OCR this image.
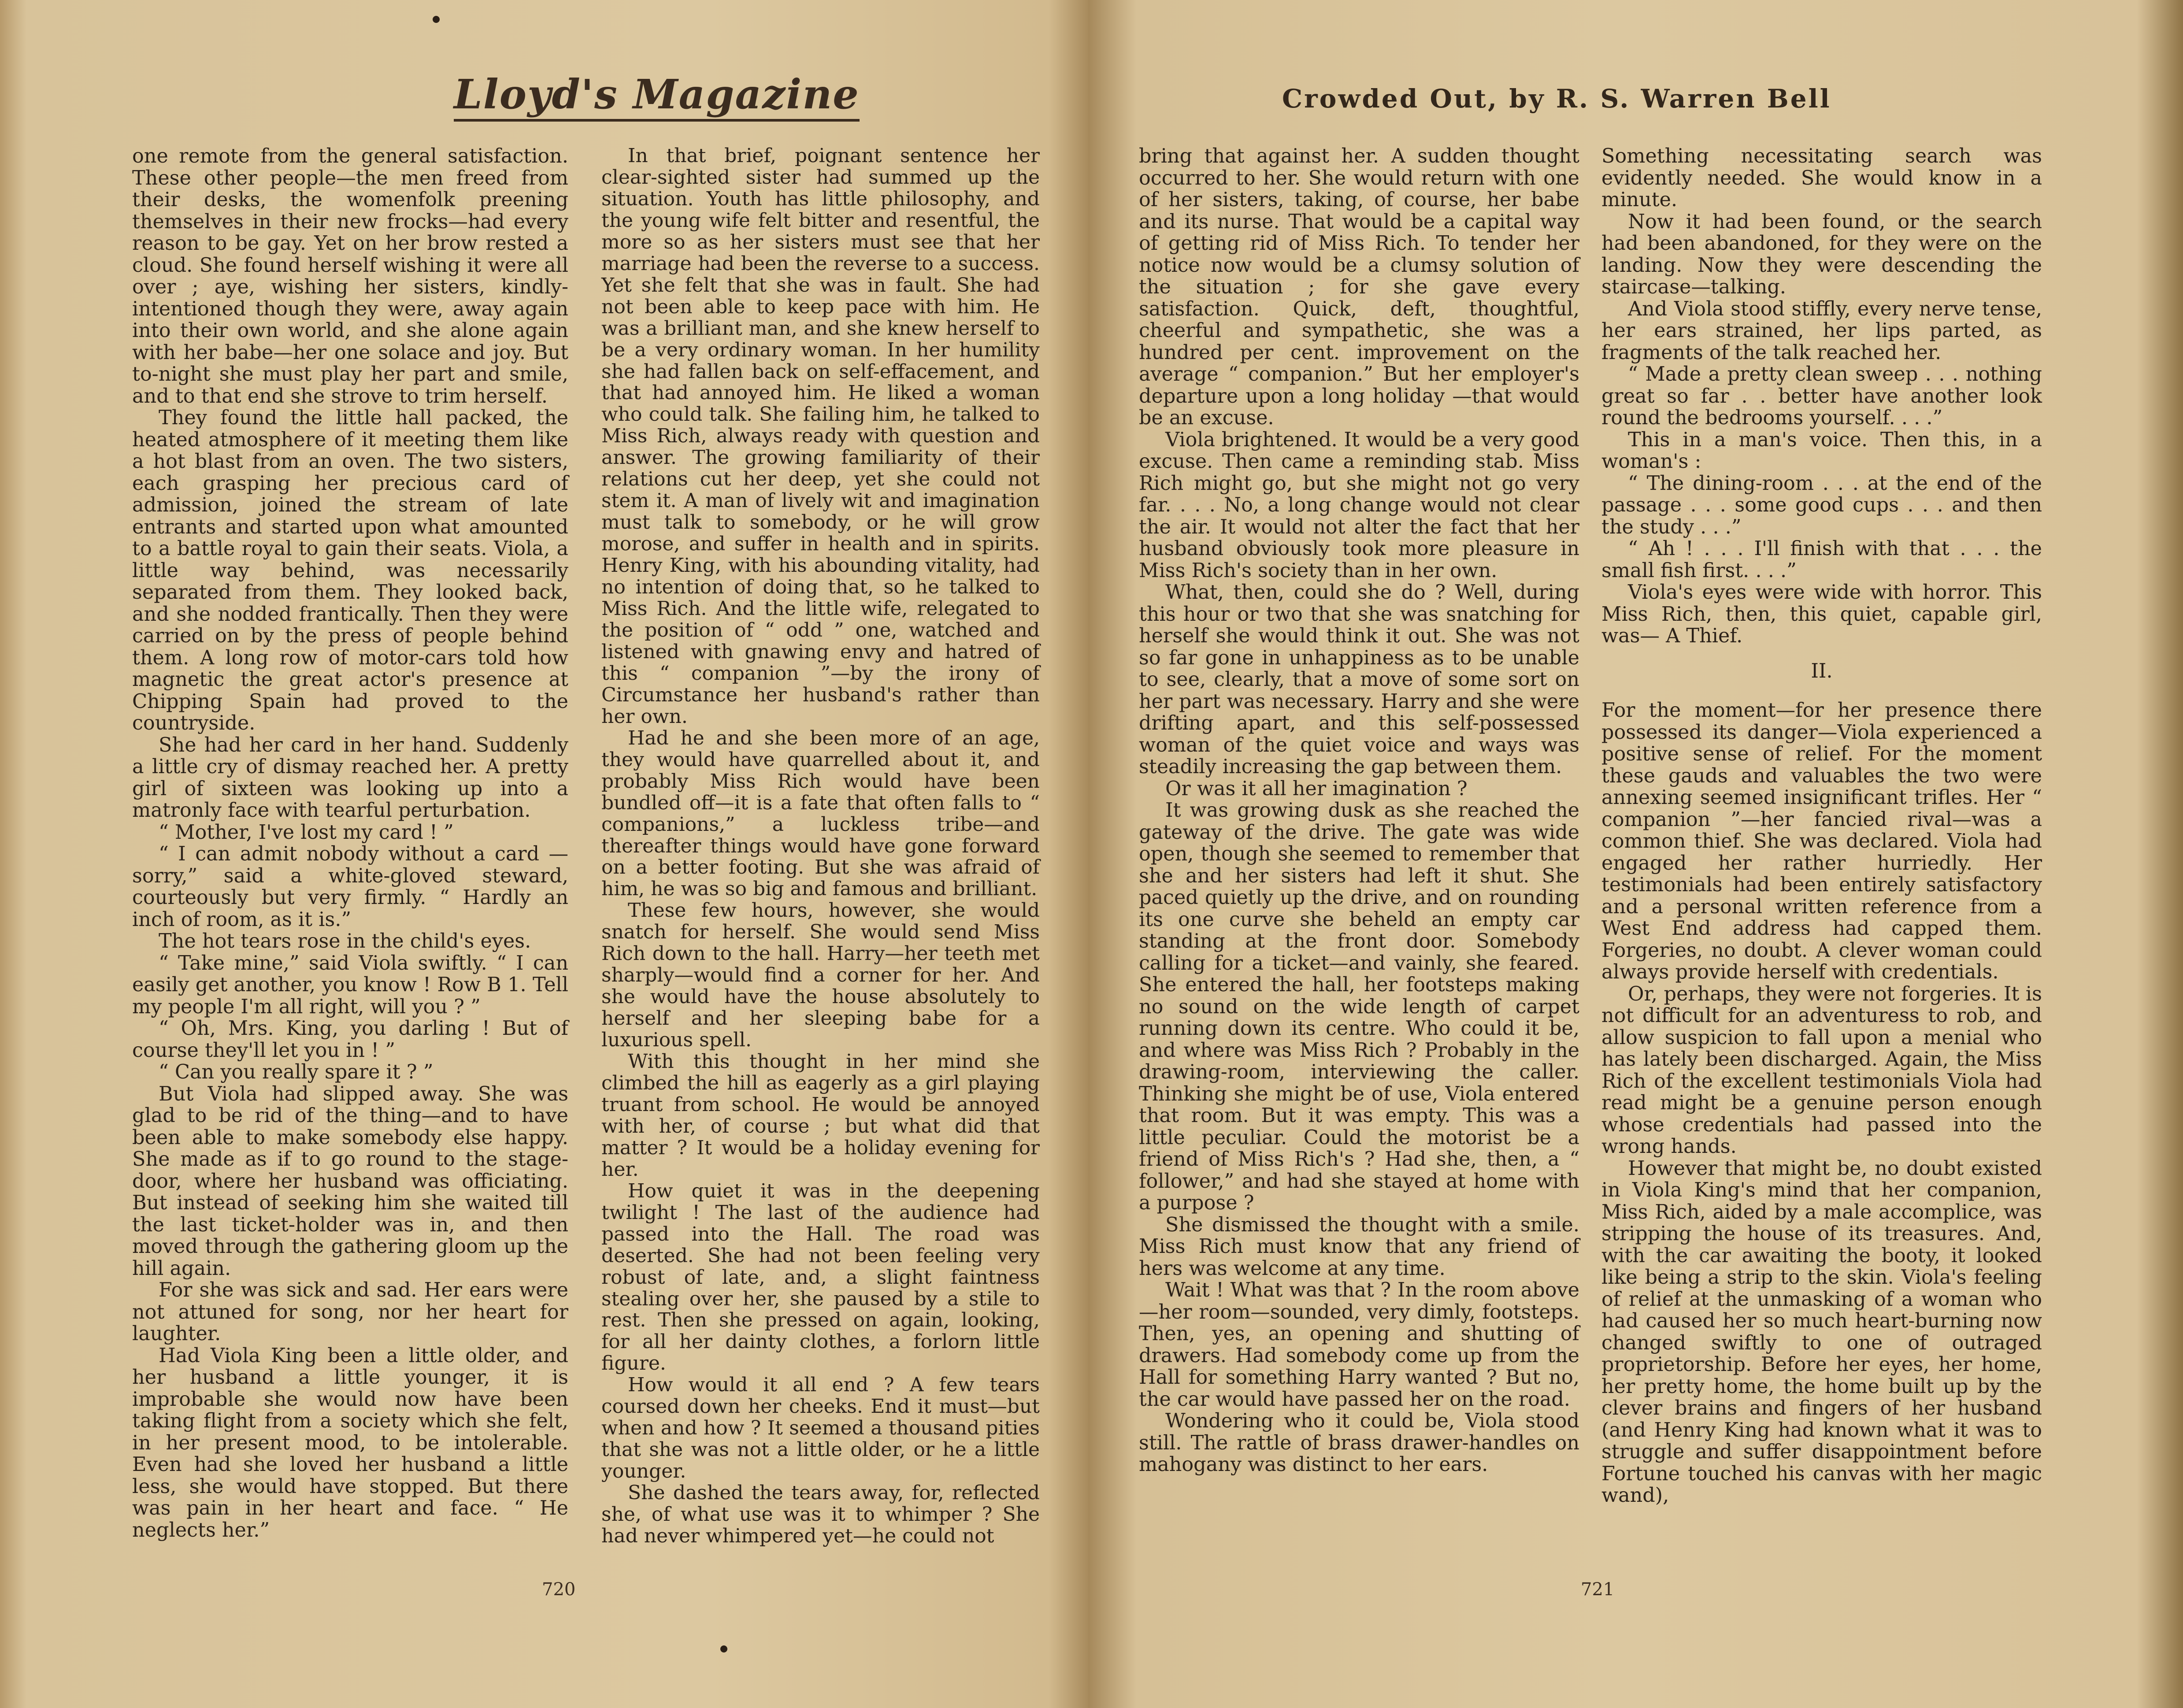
Lloyd's Magazine

one remote from the general satisfaction. These other people—the men freed from their desks, the womenfolk preening themselves in their new frocks—had every reason to be gay. Yet on her brow rested a cloud. She found herself wishing it were all over ; aye, wishing her sisters, kindly-intentioned though they were, away again into their own world, and she alone again with her babe—her one solace and joy. But to-night she must play her part and smile, and to that end she strove to trim herself.

They found the little hall packed, the heated atmosphere of it meeting them like a hot blast from an oven. The two sisters, each grasping her precious card of admission, joined the stream of late entrants and started upon what amounted to a battle royal to gain their seats. Viola, a little way behind, was necessarily separated from them. They looked back, and she nodded frantically. Then they were carried on by the press of people behind them. A long row of motor-cars told how magnetic the great actor's presence at Chipping Spain had proved to the countryside.

She had her card in her hand. Suddenly a little cry of dismay reached her. A pretty girl of sixteen was looking up into a matronly face with tearful perturbation.

“ Mother, I've lost my card ! ”

“ I can admit nobody without a card —sorry,” said a white-gloved steward, courteously but very firmly. “ Hardly an inch of room, as it is.”

The hot tears rose in the child's eyes.

“ Take mine,” said Viola swiftly. “ I can easily get another, you know ! Row B 1. Tell my people I'm all right, will you ? ”

“ Oh, Mrs. King, you darling ! But of course they'll let you in ! ”

“ Can you really spare it ? ”

But Viola had slipped away. She was glad to be rid of the thing—and to have been able to make somebody else happy. She made as if to go round to the stage-door, where her husband was officiating. But instead of seeking him she waited till the last ticket-holder was in, and then moved through the gathering gloom up the hill again.

For she was sick and sad. Her ears were not attuned for song, nor her heart for laughter.

Had Viola King been a little older, and her husband a little younger, it is improbable she would now have been taking flight from a society which she felt, in her present mood, to be intolerable. Even had she loved her husband a little less, she would have stopped. But there was pain in her heart and face. “ He neglects her.”

In that brief, poignant sentence her clear-sighted sister had summed up the situation. Youth has little philosophy, and the young wife felt bitter and resentful, the more so as her sisters must see that her marriage had been the reverse to a success. Yet she felt that she was in fault. She had not been able to keep pace with him. He was a brilliant man, and she knew herself to be a very ordinary woman. In her humility she had fallen back on self-effacement, and that had annoyed him. He liked a woman who could talk. She failing him, he talked to Miss Rich, always ready with question and answer. The growing familiarity of their relations cut her deep, yet she could not stem it. A man of lively wit and imagination must talk to somebody, or he will grow morose, and suffer in health and in spirits. Henry King, with his abounding vitality, had no intention of doing that, so he talked to Miss Rich. And the little wife, relegated to the position of “ odd ” one, watched and listened with gnawing envy and hatred of this “ companion ”—by the irony of Circumstance her husband's rather than her own.

Had he and she been more of an age, they would have quarrelled about it, and probably Miss Rich would have been bundled off—it is a fate that often falls to “ companions,” a luckless tribe—and thereafter things would have gone forward on a better footing. But she was afraid of him, he was so big and famous and brilliant.

These few hours, however, she would snatch for herself. She would send Miss Rich down to the hall. Harry—her teeth met sharply—would find a corner for her. And she would have the house absolutely to herself and her sleeping babe for a luxurious spell.

With this thought in her mind she climbed the hill as eagerly as a girl playing truant from school. He would be annoyed with her, of course ; but what did that matter ? It would be a holiday evening for her.

How quiet it was in the deepening twilight ! The last of the audience had passed into the Hall. The road was deserted. She had not been feeling very robust of late, and, a slight faintness stealing over her, she paused by a stile to rest. Then she pressed on again, looking, for all her dainty clothes, a forlorn little figure.

How would it all end ? A few tears coursed down her cheeks. End it must—but when and how ? It seemed a thousand pities that she was not a little older, or he a little younger.

She dashed the tears away, for, reflected she, of what use was it to whimper ? She had never whimpered yet—he could not

720
Crowded Out, by R. S. Warren Bell

bring that against her. A sudden thought occurred to her. She would return with one of her sisters, taking, of course, her babe and its nurse. That would be a capital way of getting rid of Miss Rich. To tender her notice now would be a clumsy solution of the situation ; for she gave every satisfaction. Quick, deft, thoughtful, cheerful and sympathetic, she was a hundred per cent. improvement on the average “ companion.” But her employer's departure upon a long holiday —that would be an excuse.

Viola brightened. It would be a very good excuse. Then came a reminding stab. Miss Rich might go, but she might not go very far. . . . No, a long change would not clear the air. It would not alter the fact that her husband obviously took more pleasure in Miss Rich's society than in her own.

What, then, could she do ? Well, during this hour or two that she was snatching for herself she would think it out. She was not so far gone in unhappiness as to be unable to see, clearly, that a move of some sort on her part was necessary. Harry and she were drifting apart, and this self-possessed woman of the quiet voice and ways was steadily increasing the gap between them.

Or was it all her imagination ?

It was growing dusk as she reached the gateway of the drive. The gate was wide open, though she seemed to remember that she and her sisters had left it shut. She paced quietly up the drive, and on rounding its one curve she beheld an empty car standing at the front door. Somebody calling for a ticket—and vainly, she feared. She entered the hall, her footsteps making no sound on the wide length of carpet running down its centre. Who could it be, and where was Miss Rich ? Probably in the drawing-room, interviewing the caller. Thinking she might be of use, Viola entered that room. But it was empty. This was a little peculiar. Could the motorist be a friend of Miss Rich's ? Had she, then, a “ follower,” and had she stayed at home with a purpose ?

She dismissed the thought with a smile. Miss Rich must know that any friend of hers was welcome at any time.

Wait ! What was that ? In the room above—her room—sounded, very dimly, footsteps. Then, yes, an opening and shutting of drawers. Had somebody come up from the Hall for something Harry wanted ? But no, the car would have passed her on the road.

Wondering who it could be, Viola stood still. The rattle of brass drawer-handles on mahogany was distinct to her ears.

Something necessitating search was evidently needed. She would know in a minute.

Now it had been found, or the search had been abandoned, for they were on the landing. Now they were descending the staircase—talking.

And Viola stood stiffly, every nerve tense, her ears strained, her lips parted, as fragments of the talk reached her.

“ Made a pretty clean sweep . . . nothing great so far . . better have another look round the bedrooms yourself. . . .”

This in a man's voice. Then this, in a woman's :

“ The dining-room . . . at the end of the passage . . . some good cups . . . and then the study . . .”

“ Ah ! . . . I'll finish with that . . . the small fish first. . . .”

Viola's eyes were wide with horror. This Miss Rich, then, this quiet, capable girl, was— A Thief.

II.

For the moment—for her presence there possessed its danger—Viola experienced a positive sense of relief. For the moment these gauds and valuables the two were annexing seemed insignificant trifles. Her “ companion ”—her fancied rival—was a common thief. She was declared. Viola had engaged her rather hurriedly. Her testimonials had been entirely satisfactory and a personal written reference from a West End address had capped them. Forgeries, no doubt. A clever woman could always provide herself with credentials.

Or, perhaps, they were not forgeries. It is not difficult for an adventuress to rob, and allow suspicion to fall upon a menial who has lately been discharged. Again, the Miss Rich of the excellent testimonials Viola had read might be a genuine person enough whose credentials had passed into the wrong hands.

However that might be, no doubt existed in Viola King's mind that her companion, Miss Rich, aided by a male accomplice, was stripping the house of its treasures. And, with the car awaiting the booty, it looked like being a strip to the skin. Viola's feeling of relief at the unmasking of a woman who had caused her so much heart-burning now changed swiftly to one of outraged proprietorship. Before her eyes, her home, her pretty home, the home built up by the clever brains and fingers of her husband (and Henry King had known what it was to struggle and suffer disappointment before Fortune touched his canvas with her magic wand),

721
